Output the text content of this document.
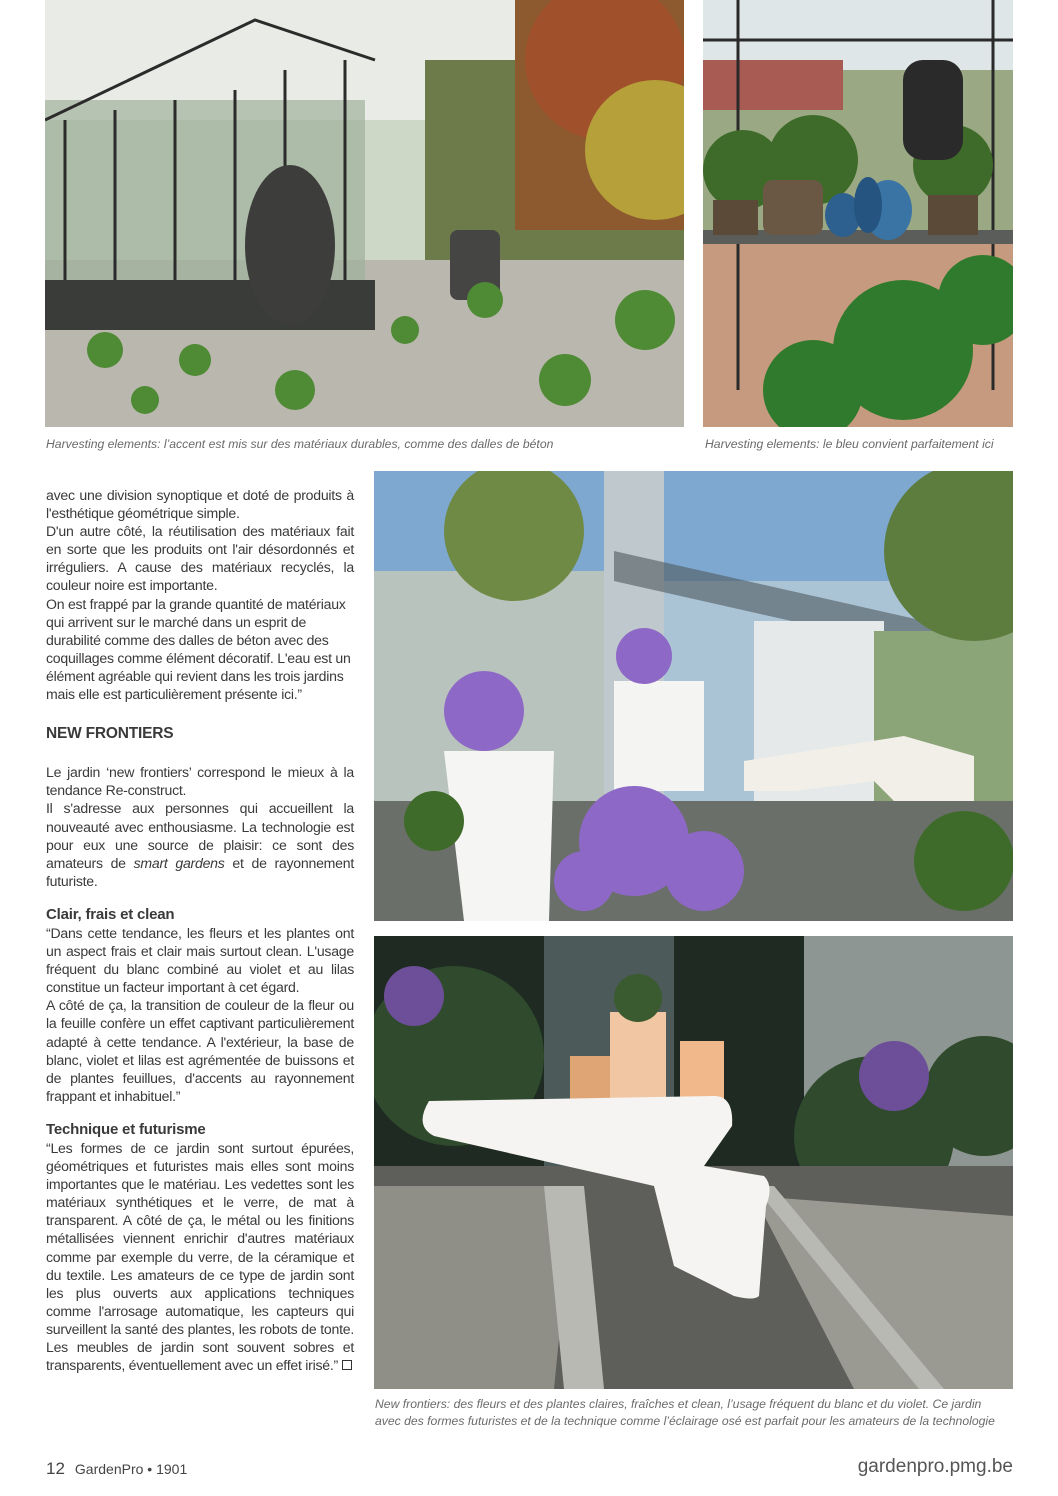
Harvesting elements: l’accent est mis sur des matériaux durables, comme des dalles de béton	Harvesting elements: le bleu convient parfaitement ici
New frontiers: des fleurs et des plantes claires, fraîches et clean, l’usage fréquent du blanc et du violet. Ce jardin
avec des formes futuristes et de la technique comme l’éclairage osé est parfait pour les amateurs de la technologie

avec une division synoptique et doté de produits à l'esthétique géométrique simple.

D'un autre côté, la réutilisation des matériaux fait en sorte que les produits ont l'air désordonnés et irréguliers. A cause des matériaux recyclés, la couleur noire est importante.

On est frappé par la grande quantité de matériaux qui arrivent sur le marché dans un esprit de durabilité comme des dalles de béton avec des coquillages comme élément décoratif. L'eau est un élément agréable qui revient dans les trois jardins mais elle est particulièrement présente ici.”

NEW FRONTIERS

Le jardin ‘new frontiers’ correspond le mieux à la tendance Re-construct.

Il s'adresse aux personnes qui accueillent la nouveauté avec enthousiasme. La technologie est pour eux une source de plaisir: ce sont des amateurs de smart gardens et de rayonnement futuriste.

Clair, frais et clean

“Dans cette tendance, les fleurs et les plantes ont un aspect frais et clair mais surtout clean. L'usage fréquent du blanc combiné au violet et au lilas constitue un facteur important à cet égard.

A côté de ça, la transition de couleur de la fleur ou la feuille confère un effet captivant particulièrement adapté à cette tendance. A l'extérieur, la base de blanc, violet et lilas est agrémentée de buissons et de plantes feuillues, d'accents au rayonnement frappant et inhabituel.”

Technique et futurisme

“Les formes de ce jardin sont surtout épurées, géométriques et futuristes mais elles sont moins importantes que le matériau. Les vedettes sont les matériaux synthétiques et le verre, de mat à transparent. A côté de ça, le métal ou les finitions métallisées viennent enrichir d'autres matériaux comme par exemple du verre, de la céramique et du textile. Les amateurs de ce type de jardin sont les plus ouverts aux applications techniques comme l'arrosage automatique, les capteurs qui surveillent la santé des plantes, les robots de tonte. Les meubles de jardin sont souvent sobres et transparents, éventuellement avec un effet irisé.”

12 GardenPro • 1901	gardenpro.pmg.be
